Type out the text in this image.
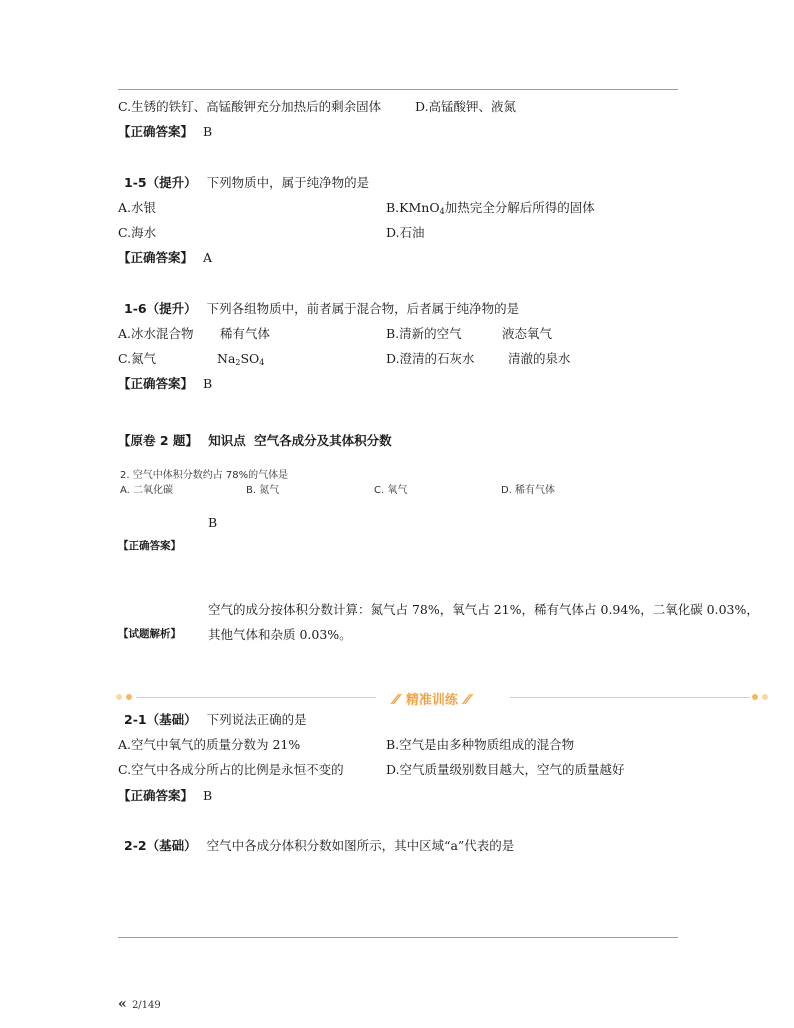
C.生锈的铁钉、高锰酸钾充分加热后的剩余固体	D.高锰酸钾、液氮
【正确答案】 B
1-5（提升） 下列物质中，属于纯净物的是
A.水银	B.KMnO$_4$加热完全分解后所得的固体
C.海水	D.石油
【正确答案】 A
1-6（提升） 下列各组物质中，前者属于混合物，后者属于纯净物的是
A.冰水混合物 稀有气体	B.清新的空气	液态氧气
C.氮气	$Na_2SO_4$	D.澄清的石灰水	清澈的泉水
【正确答案】 B
【原卷 2 题】 知识点 空气各成分及其体积分数
2. 空气中体积分数约占 78%的气体是
A. 二氧化碳	B. 氮气	C. 氧气	D. 稀有气体
B
【正确答案】
空气的成分按体积分数计算：氮气占 78%，氧气占 21%，稀有气体占 0.94%，二氧化碳 0.03%，
【试题解析】 其他气体和杂质 0.03%。
⁄⁄ 精准训练 ⁄⁄
2-1（基础） 下列说法正确的是
A.空气中氧气的质量分数为 21%	B.空气是由多种物质组成的混合物
C.空气中各成分所占的比例是永恒不变的	D.空气质量级别数目越大，空气的质量越好
【正确答案】 B
2-2（基础） 空气中各成分体积分数如图所示，其中区域“a”代表的是
« 2/149
